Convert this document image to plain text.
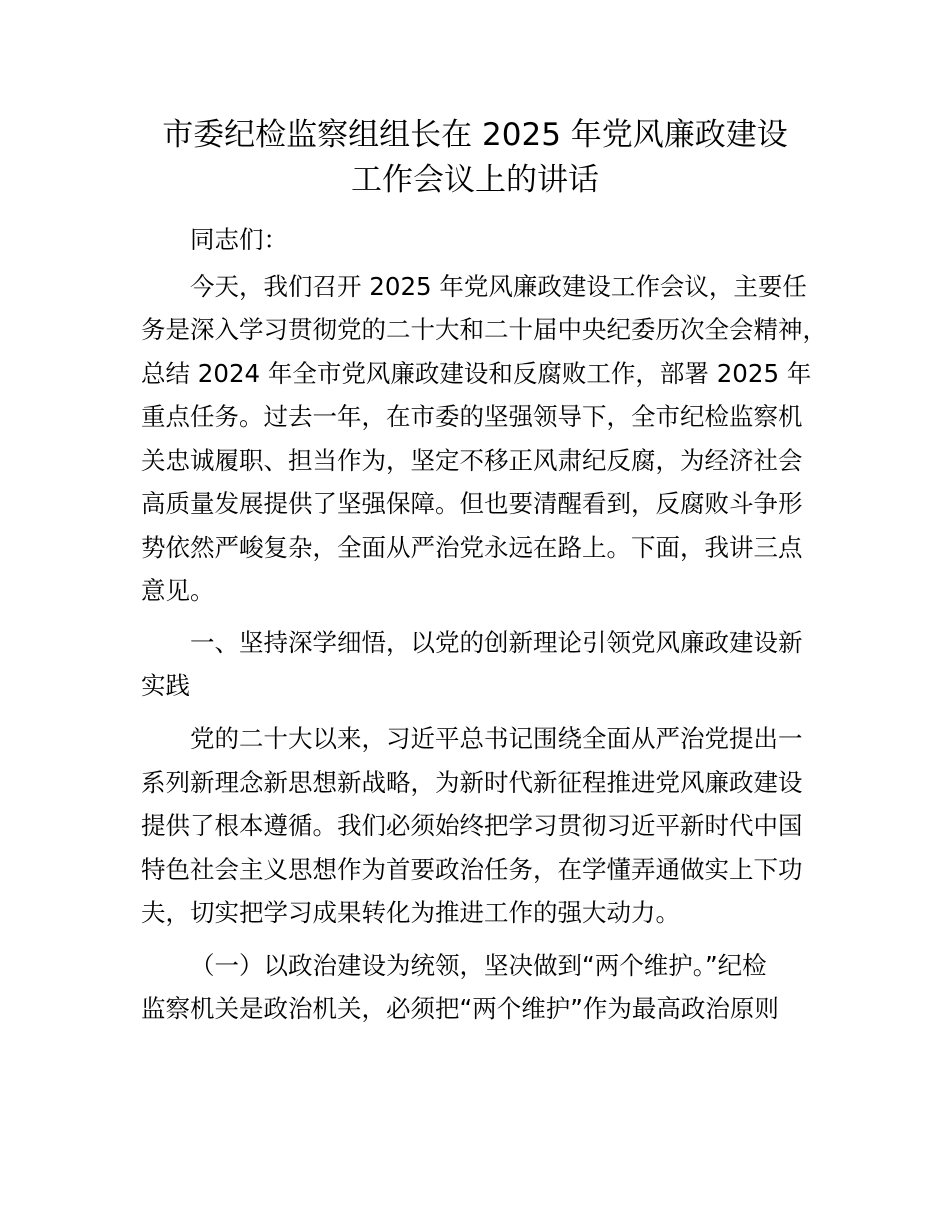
市委纪检监察组组长在 2025 年党风廉政建设
工作会议上的讲话
同志们：
今天，我们召开 2025 年党风廉政建设工作会议，主要任
务是深入学习贯彻党的二十大和二十届中央纪委历次全会精神，
总结 2024 年全市党风廉政建设和反腐败工作，部署 2025 年
重点任务。过去一年，在市委的坚强领导下，全市纪检监察机
关忠诚履职、担当作为，坚定不移正风肃纪反腐，为经济社会
高质量发展提供了坚强保障。但也要清醒看到，反腐败斗争形
势依然严峻复杂，全面从严治党永远在路上。下面，我讲三点
意见。
一、坚持深学细悟，以党的创新理论引领党风廉政建设新
实践
党的二十大以来，习近平总书记围绕全面从严治党提出一
系列新理念新思想新战略，为新时代新征程推进党风廉政建设
提供了根本遵循。我们必须始终把学习贯彻习近平新时代中国
特色社会主义思想作为首要政治任务，在学懂弄通做实上下功
夫，切实把学习成果转化为推进工作的强大动力。
（一）以政治建设为统领，坚决做到“两个维护。”纪检
监察机关是政治机关，必须把“两个维护”作为最高政治原则
